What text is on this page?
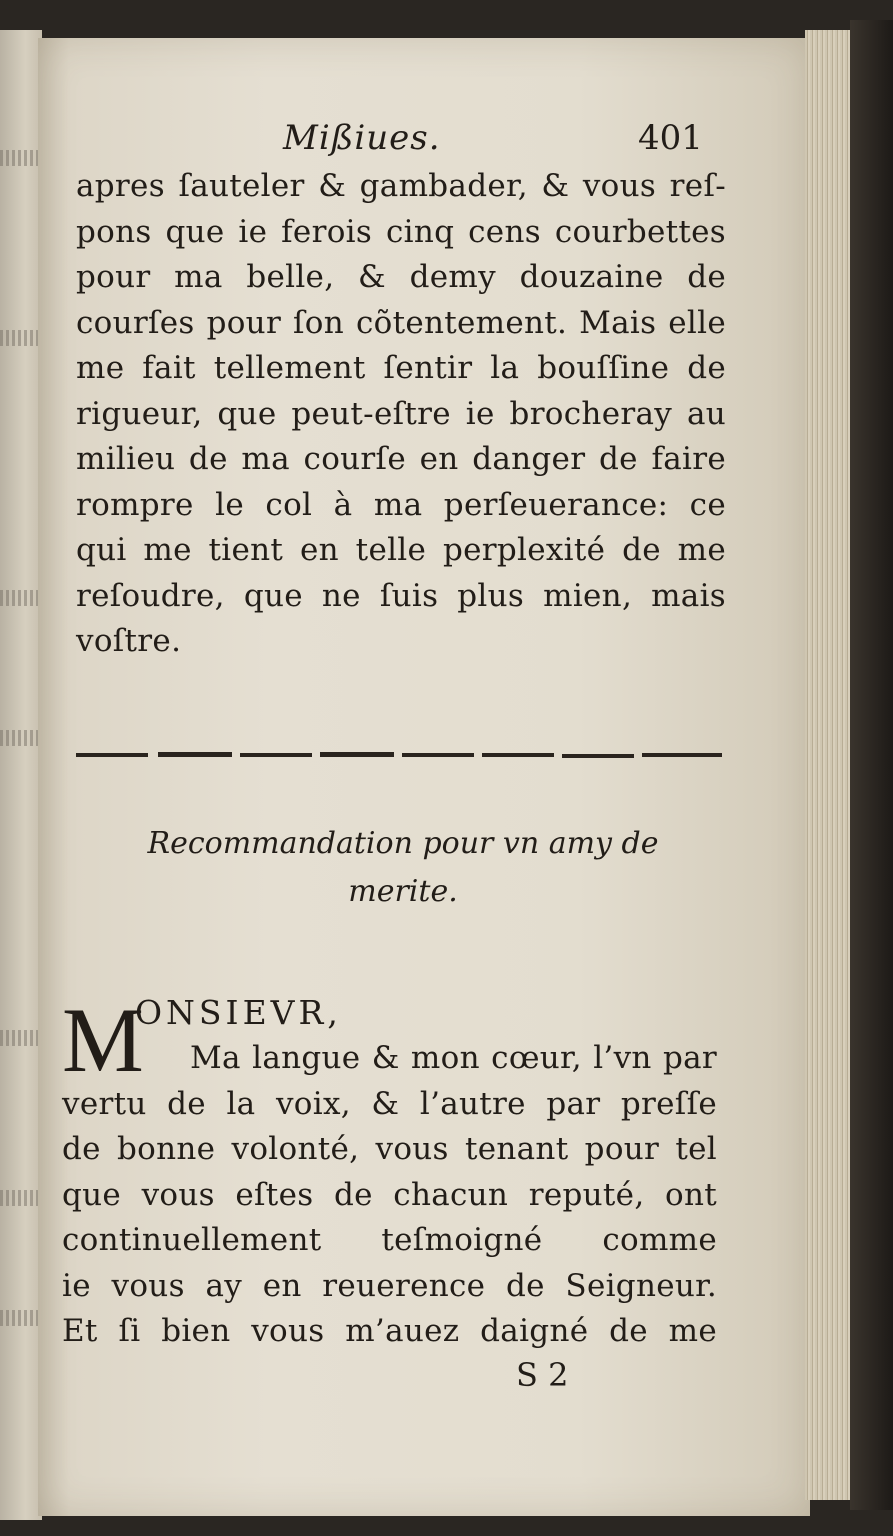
Mißiues.	401
apres ſauteler & gambader, & vous reſ-
pons que ie ferois cinq cens courbettes
pour ma belle, & demy douzaine de
courſes pour ſon cõtentement. Mais elle
me fait tellement ſentir la bouſſine de
rigueur, que peut-eſtre ie brocheray au
milieu de ma courſe en danger de faire
rompre le col à ma perſeuerance: ce
qui me tient en telle perplexité de me
reſoudre, que ne ſuis plus mien, mais
voſtre.
Recommandation pour vn amy de
merite.
M
ONSIEVR,
Ma langue & mon cœur, l’vn par
vertu de la voix, & l’autre par preſſe
de bonne volonté, vous tenant pour tel
que vous eſtes de chacun reputé, ont
continuellement teſmoigné comme
ie vous ay en reuerence de Seigneur.
Et ſi bien vous m’auez daigné de me
S 2
